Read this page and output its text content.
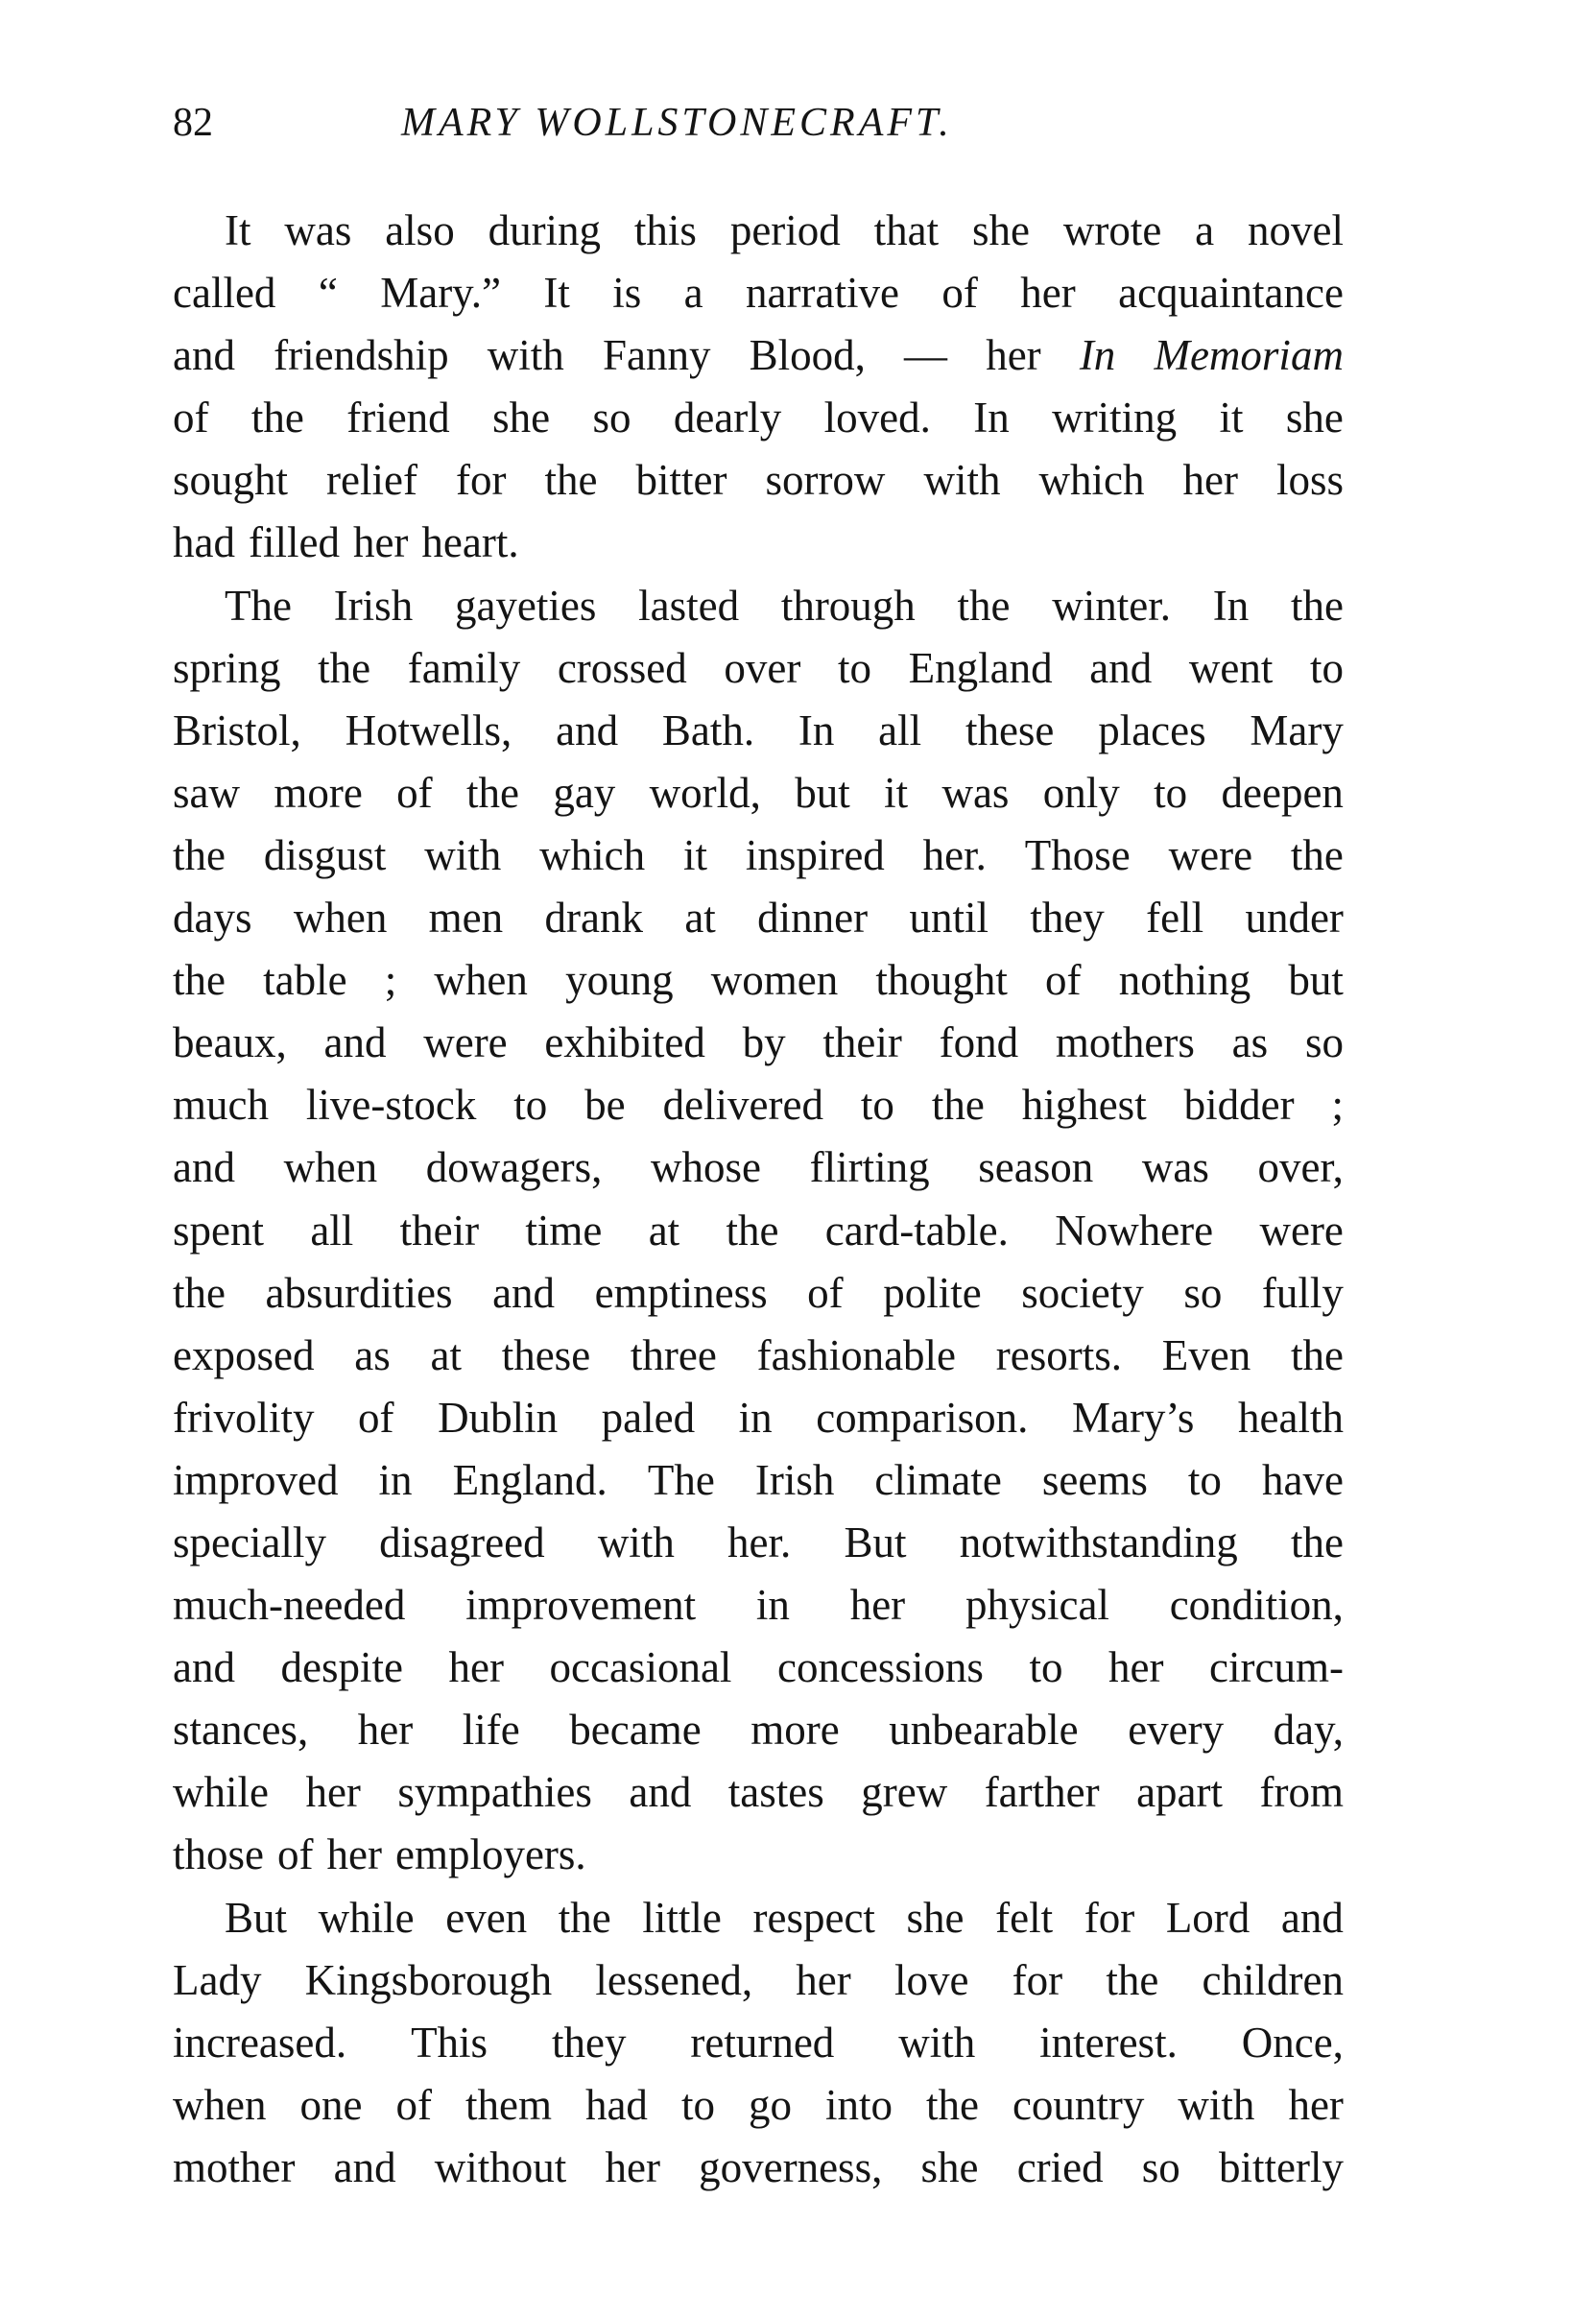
82	MARY WOLLSTONECRAFT.
It was also during this period that she wrote a novel
called “ Mary.” It is a narrative of her acquaintance
and friendship with Fanny Blood, — her In Memoriam
of the friend she so dearly loved. In writing it she
sought relief for the bitter sorrow with which her loss
had filled her heart.
The Irish gayeties lasted through the winter. In the
spring the family crossed over to England and went to
Bristol, Hotwells, and Bath. In all these places Mary
saw more of the gay world, but it was only to deepen
the disgust with which it inspired her. Those were the
days when men drank at dinner until they fell under
the table ; when young women thought of nothing but
beaux, and were exhibited by their fond mothers as so
much live-stock to be delivered to the highest bidder ;
and when dowagers, whose flirting season was over,
spent all their time at the card-table. Nowhere were
the absurdities and emptiness of polite society so fully
exposed as at these three fashionable resorts. Even the
frivolity of Dublin paled in comparison. Mary’s health
improved in England. The Irish climate seems to have
specially disagreed with her. But notwithstanding the
much-needed improvement in her physical condition,
and despite her occasional concessions to her circum-
stances, her life became more unbearable every day,
while her sympathies and tastes grew farther apart from
those of her employers.
But while even the little respect she felt for Lord and
Lady Kingsborough lessened, her love for the children
increased. This they returned with interest. Once,
when one of them had to go into the country with her
mother and without her governess, she cried so bitterly
